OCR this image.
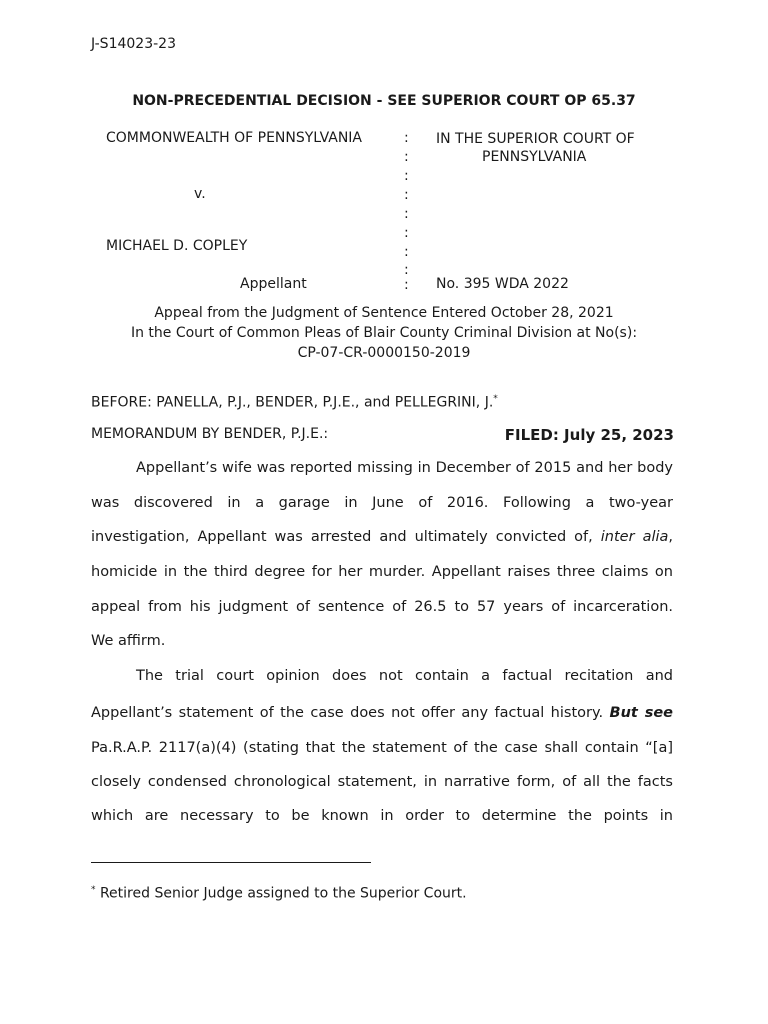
J-S14023-23
NON-PRECEDENTIAL DECISION - SEE SUPERIOR COURT OP 65.37
COMMONWEALTH OF PENNSYLVANIA
v.
MICHAEL D. COPLEY
Appellant
IN THE SUPERIOR COURT OF
PENNSYLVANIA
No. 395 WDA 2022
:
:
:
:
:
:
:
:
:
Appeal from the Judgment of Sentence Entered October 28, 2021
In the Court of Common Pleas of Blair County Criminal Division at No(s):
CP-07-CR-0000150-2019
BEFORE: PANELLA, P.J., BENDER, P.J.E., and PELLEGRINI, J.*
MEMORANDUM BY BENDER, P.J.E.:	FILED: July 25, 2023
Appellant’s wife was reported missing in December of 2015 and her body
was discovered in a garage in June of 2016. Following a two-year
investigation, Appellant was arrested and ultimately convicted of, inter alia,
homicide in the third degree for her murder. Appellant raises three claims on
appeal from his judgment of sentence of 26.5 to 57 years of incarceration.
We affirm.
The trial court opinion does not contain a factual recitation and
Appellant’s statement of the case does not offer any factual history. But see
Pa.R.A.P. 2117(a)(4) (stating that the statement of the case shall contain “[a]
closely condensed chronological statement, in narrative form, of all the facts
which are necessary to be known in order to determine the points in
* Retired Senior Judge assigned to the Superior Court.
